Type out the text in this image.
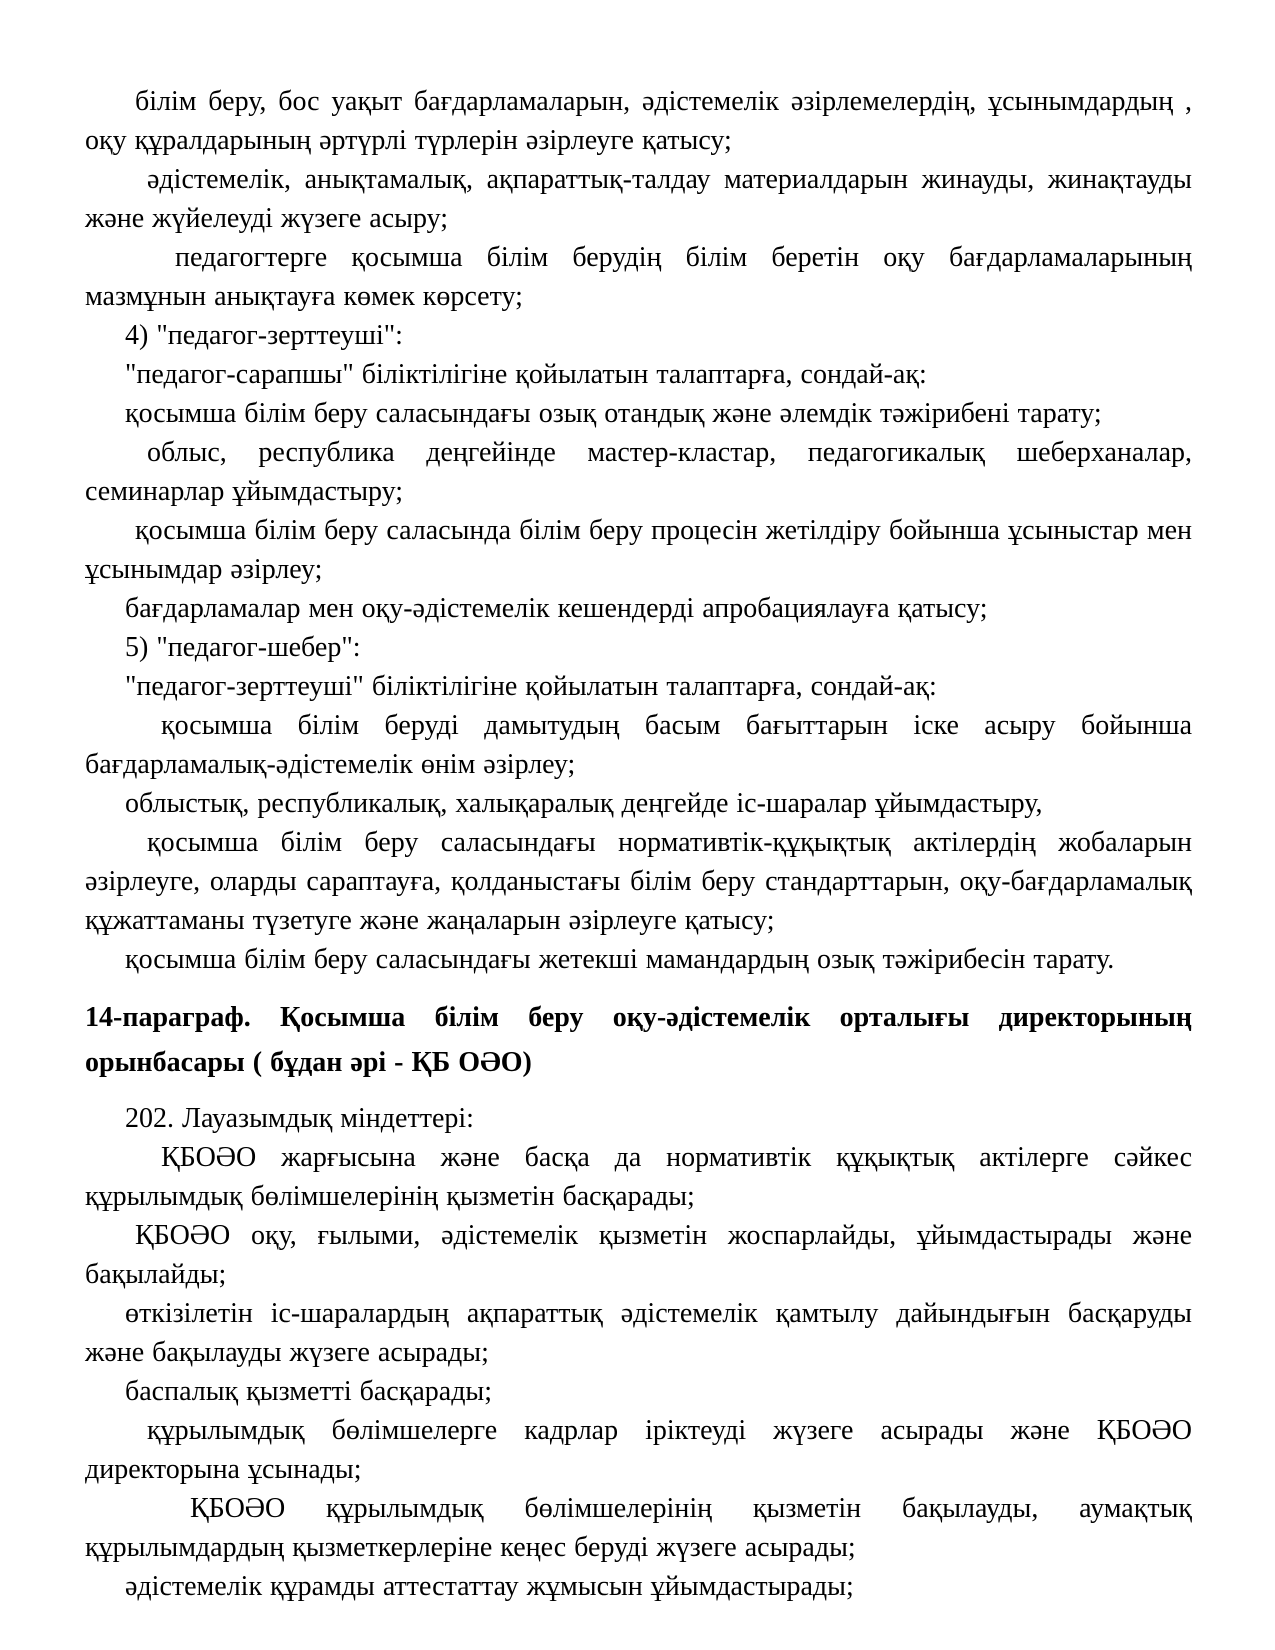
білім беру, бос уақыт бағдарламаларын, әдістемелік әзірлемелердің, ұсынымдардың , оқу құралдарының әртүрлі түрлерін әзірлеуге қатысу;

әдістемелік, анықтамалық, ақпараттық-талдау материалдарын жинауды, жинақтауды және жүйелеуді жүзеге асыру;

педагогтерге қосымша білім берудің білім беретін оқу бағдарламаларының мазмұнын анықтауға көмек көрсету;

4) "педагог-зерттеуші":

"педагог-сарапшы" біліктілігіне қойылатын талаптарға, сондай-ақ:

қосымша білім беру саласындағы озық отандық және әлемдік тәжірибені тарату;

облыс, республика деңгейінде мастер-кластар, педагогикалық шеберханалар, семинарлар ұйымдастыру;

қосымша білім беру саласында білім беру процесін жетілдіру бойынша ұсыныстар мен ұсынымдар әзірлеу;

бағдарламалар мен оқу-әдістемелік кешендерді апробациялауға қатысу;

5) "педагог-шебер":

"педагог-зерттеуші" біліктілігіне қойылатын талаптарға, сондай-ақ:

қосымша білім беруді дамытудың басым бағыттарын іске асыру бойынша бағдарламалық-әдістемелік өнім әзірлеу;

облыстық, республикалық, халықаралық деңгейде іс-шаралар ұйымдастыру,

қосымша білім беру саласындағы нормативтік-құқықтық актілердің жобаларын әзірлеуге, оларды сараптауға, қолданыстағы білім беру стандарттарын, оқу-бағдарламалық құжаттаманы түзетуге және жаңаларын әзірлеуге қатысу;

қосымша білім беру саласындағы жетекші мамандардың озық тәжірибесін тарату.

14-параграф. Қосымша білім беру оқу-әдістемелік орталығы директорының орынбасары ( бұдан әрі - ҚБ ОӘО)

202. Лауазымдық міндеттері:

ҚБОӘО жарғысына және басқа да нормативтік құқықтық актілерге сәйкес құрылымдық бөлімшелерінің қызметін басқарады;

ҚБОӘО оқу, ғылыми, әдістемелік қызметін жоспарлайды, ұйымдастырады және бақылайды;

өткізілетін іс-шаралардың ақпараттық әдістемелік қамтылу дайындығын басқаруды және бақылауды жүзеге асырады;

баспалық қызметті басқарады;

құрылымдық бөлімшелерге кадрлар іріктеуді жүзеге асырады және ҚБОӘО директорына ұсынады;

ҚБОӘО құрылымдық бөлімшелерінің қызметін бақылауды, аумақтық құрылымдардың қызметкерлеріне кеңес беруді жүзеге асырады;

әдістемелік құрамды аттестаттау жұмысын ұйымдастырады;
